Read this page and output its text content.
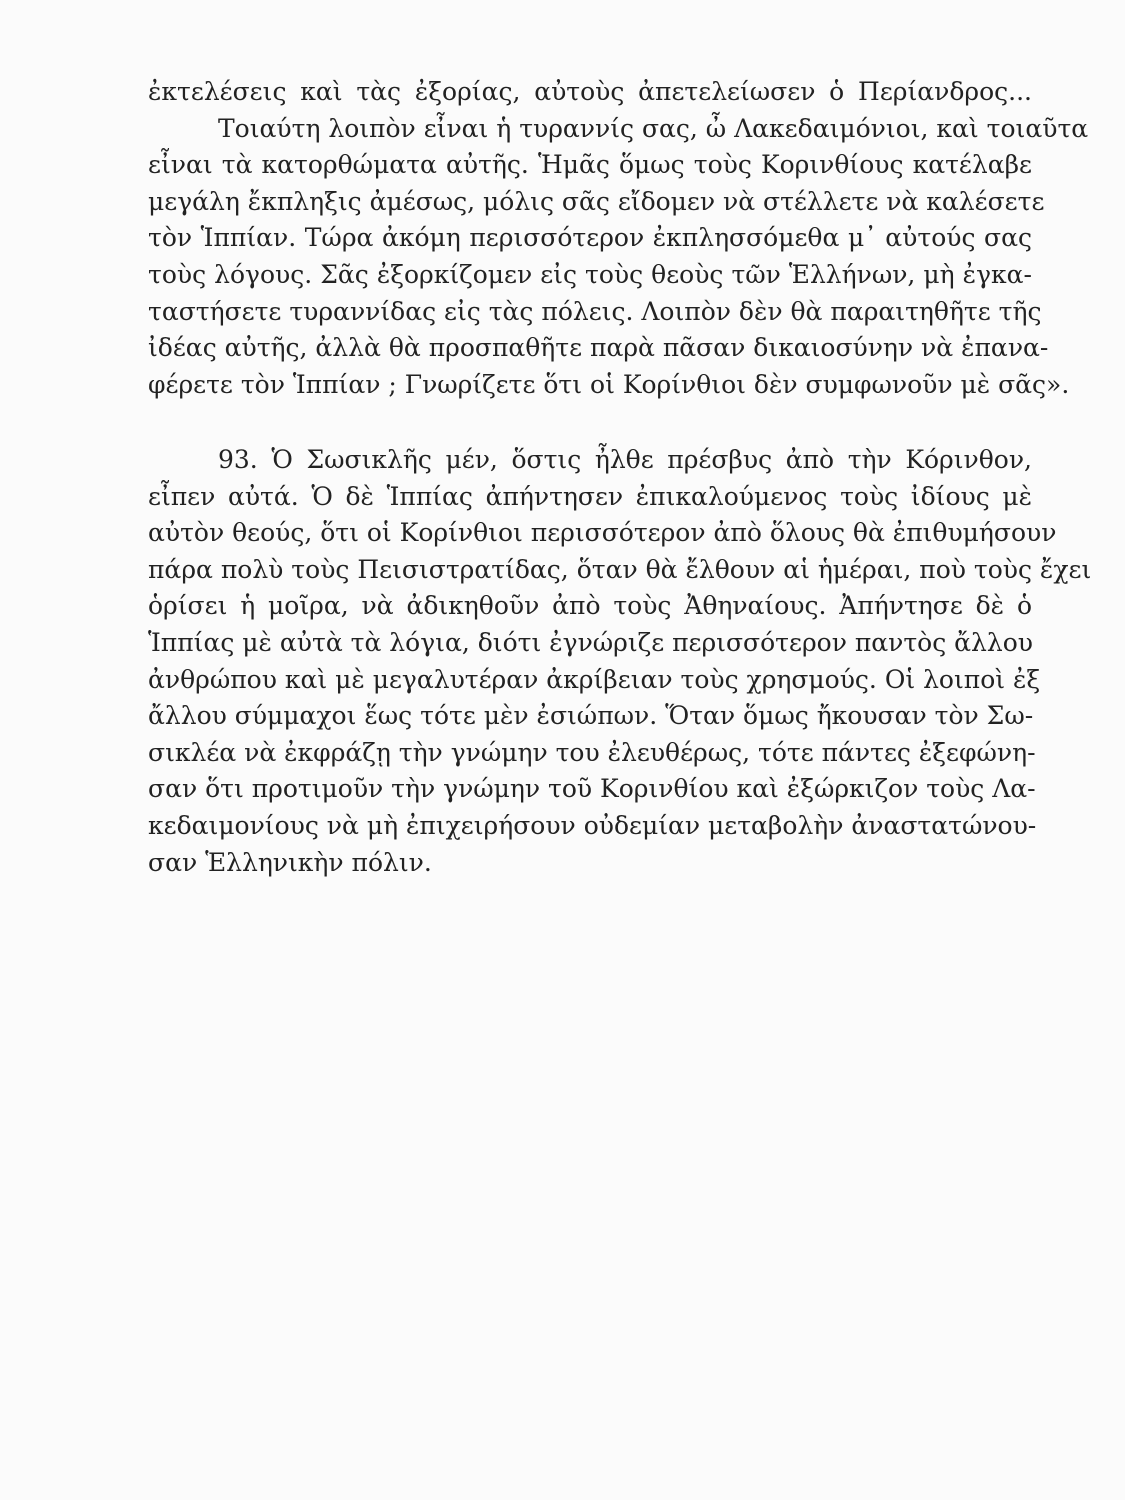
ἐκτελέσεις καὶ τὰς ἐξορίας, αὐτοὺς ἀπετελείωσεν ὁ Περίανδρος...
Τοιαύτη λοιπὸν εἶναι ἡ τυραννίς σας, ὦ Λακεδαιμόνιοι, καὶ τοιαῦτα
εἶναι τὰ κατορθώματα αὐτῆς. Ἡμᾶς ὅμως τοὺς Κορινθίους κατέλαβε
μεγάλη ἔκπληξις ἀμέσως, μόλις σᾶς εἴδομεν νὰ στέλλετε νὰ καλέσετε
τὸν Ἱππίαν. Τώρα ἀκόμη περισσότερον ἐκπλησσόμεθα μ᾽ αὐτούς σας
τοὺς λόγους. Σᾶς ἐξορκίζομεν εἰς τοὺς θεοὺς τῶν Ἑλλήνων, μὴ ἐγκα-
ταστήσετε τυραννίδας εἰς τὰς πόλεις. Λοιπὸν δὲν θὰ παραιτηθῆτε τῆς
ἰδέας αὐτῆς, ἀλλὰ θὰ προσπαθῆτε παρὰ πᾶσαν δικαιοσύνην νὰ ἐπανα-
φέρετε τὸν Ἱππίαν ; Γνωρίζετε ὅτι οἱ Κορίνθιοι δὲν συμφωνοῦν μὲ σᾶς».
93. Ὁ Σωσικλῆς μέν, ὅστις ἦλθε πρέσβυς ἀπὸ τὴν Κόρινθον,
εἶπεν αὐτά. Ὁ δὲ Ἱππίας ἀπήντησεν ἐπικαλούμενος τοὺς ἰδίους μὲ
αὐτὸν θεούς, ὅτι οἱ Κορίνθιοι περισσότερον ἀπὸ ὅλους θὰ ἐπιθυμήσουν
πάρα πολὺ τοὺς Πεισιστρατίδας, ὅταν θὰ ἔλθουν αἱ ἡμέραι, ποὺ τοὺς ἔχει
ὁρίσει ἡ μοῖρα, νὰ ἀδικηθοῦν ἀπὸ τοὺς Ἀθηναίους. Ἀπήντησε δὲ ὁ
Ἱππίας μὲ αὐτὰ τὰ λόγια, διότι ἐγνώριζε περισσότερον παντὸς ἄλλου
ἀνθρώπου καὶ μὲ μεγαλυτέραν ἀκρίβειαν τοὺς χρησμούς. Οἱ λοιποὶ ἐξ
ἄλλου σύμμαχοι ἕως τότε μὲν ἐσιώπων. Ὅταν ὅμως ἤκουσαν τὸν Σω-
σικλέα νὰ ἐκφράζῃ τὴν γνώμην του ἐλευθέρως, τότε πάντες ἐξεφώνη-
σαν ὅτι προτιμοῦν τὴν γνώμην τοῦ Κορινθίου καὶ ἐξώρκιζον τοὺς Λα-
κεδαιμονίους νὰ μὴ ἐπιχειρήσουν οὐδεμίαν μεταβολὴν ἀναστατώνου-
σαν Ἑλληνικὴν πόλιν.
